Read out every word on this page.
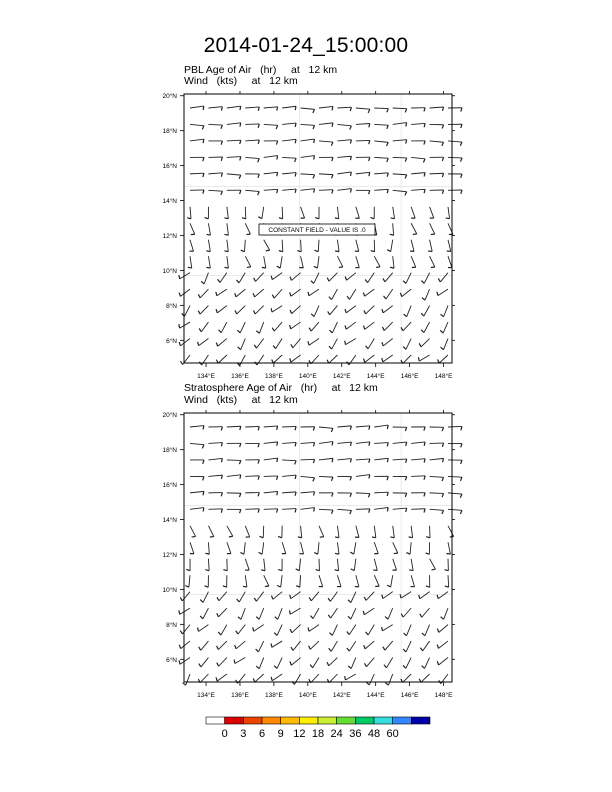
2014-01-24_15:00:00
PBL Age of Air   (hr)     at   12 km
Wind   (kts)     at   12 km
Stratosphere Age of Air   (hr)     at   12 km
Wind   (kts)     at   12 km
134°E 136°E 138°E 140°E 142°E 144°E 146°E 148°E
20°N
18°N
16°N
14°N
12°N
10°N
8°N
6°N
CONSTANT FIELD - VALUE IS .0
134°E 136°E 138°E 140°E 142°E 144°E 146°E 148°E
20°N
18°N
16°N
14°N
12°N
10°N
8°N
6°N
0 3 6 9 12 18 24 36 48 60
